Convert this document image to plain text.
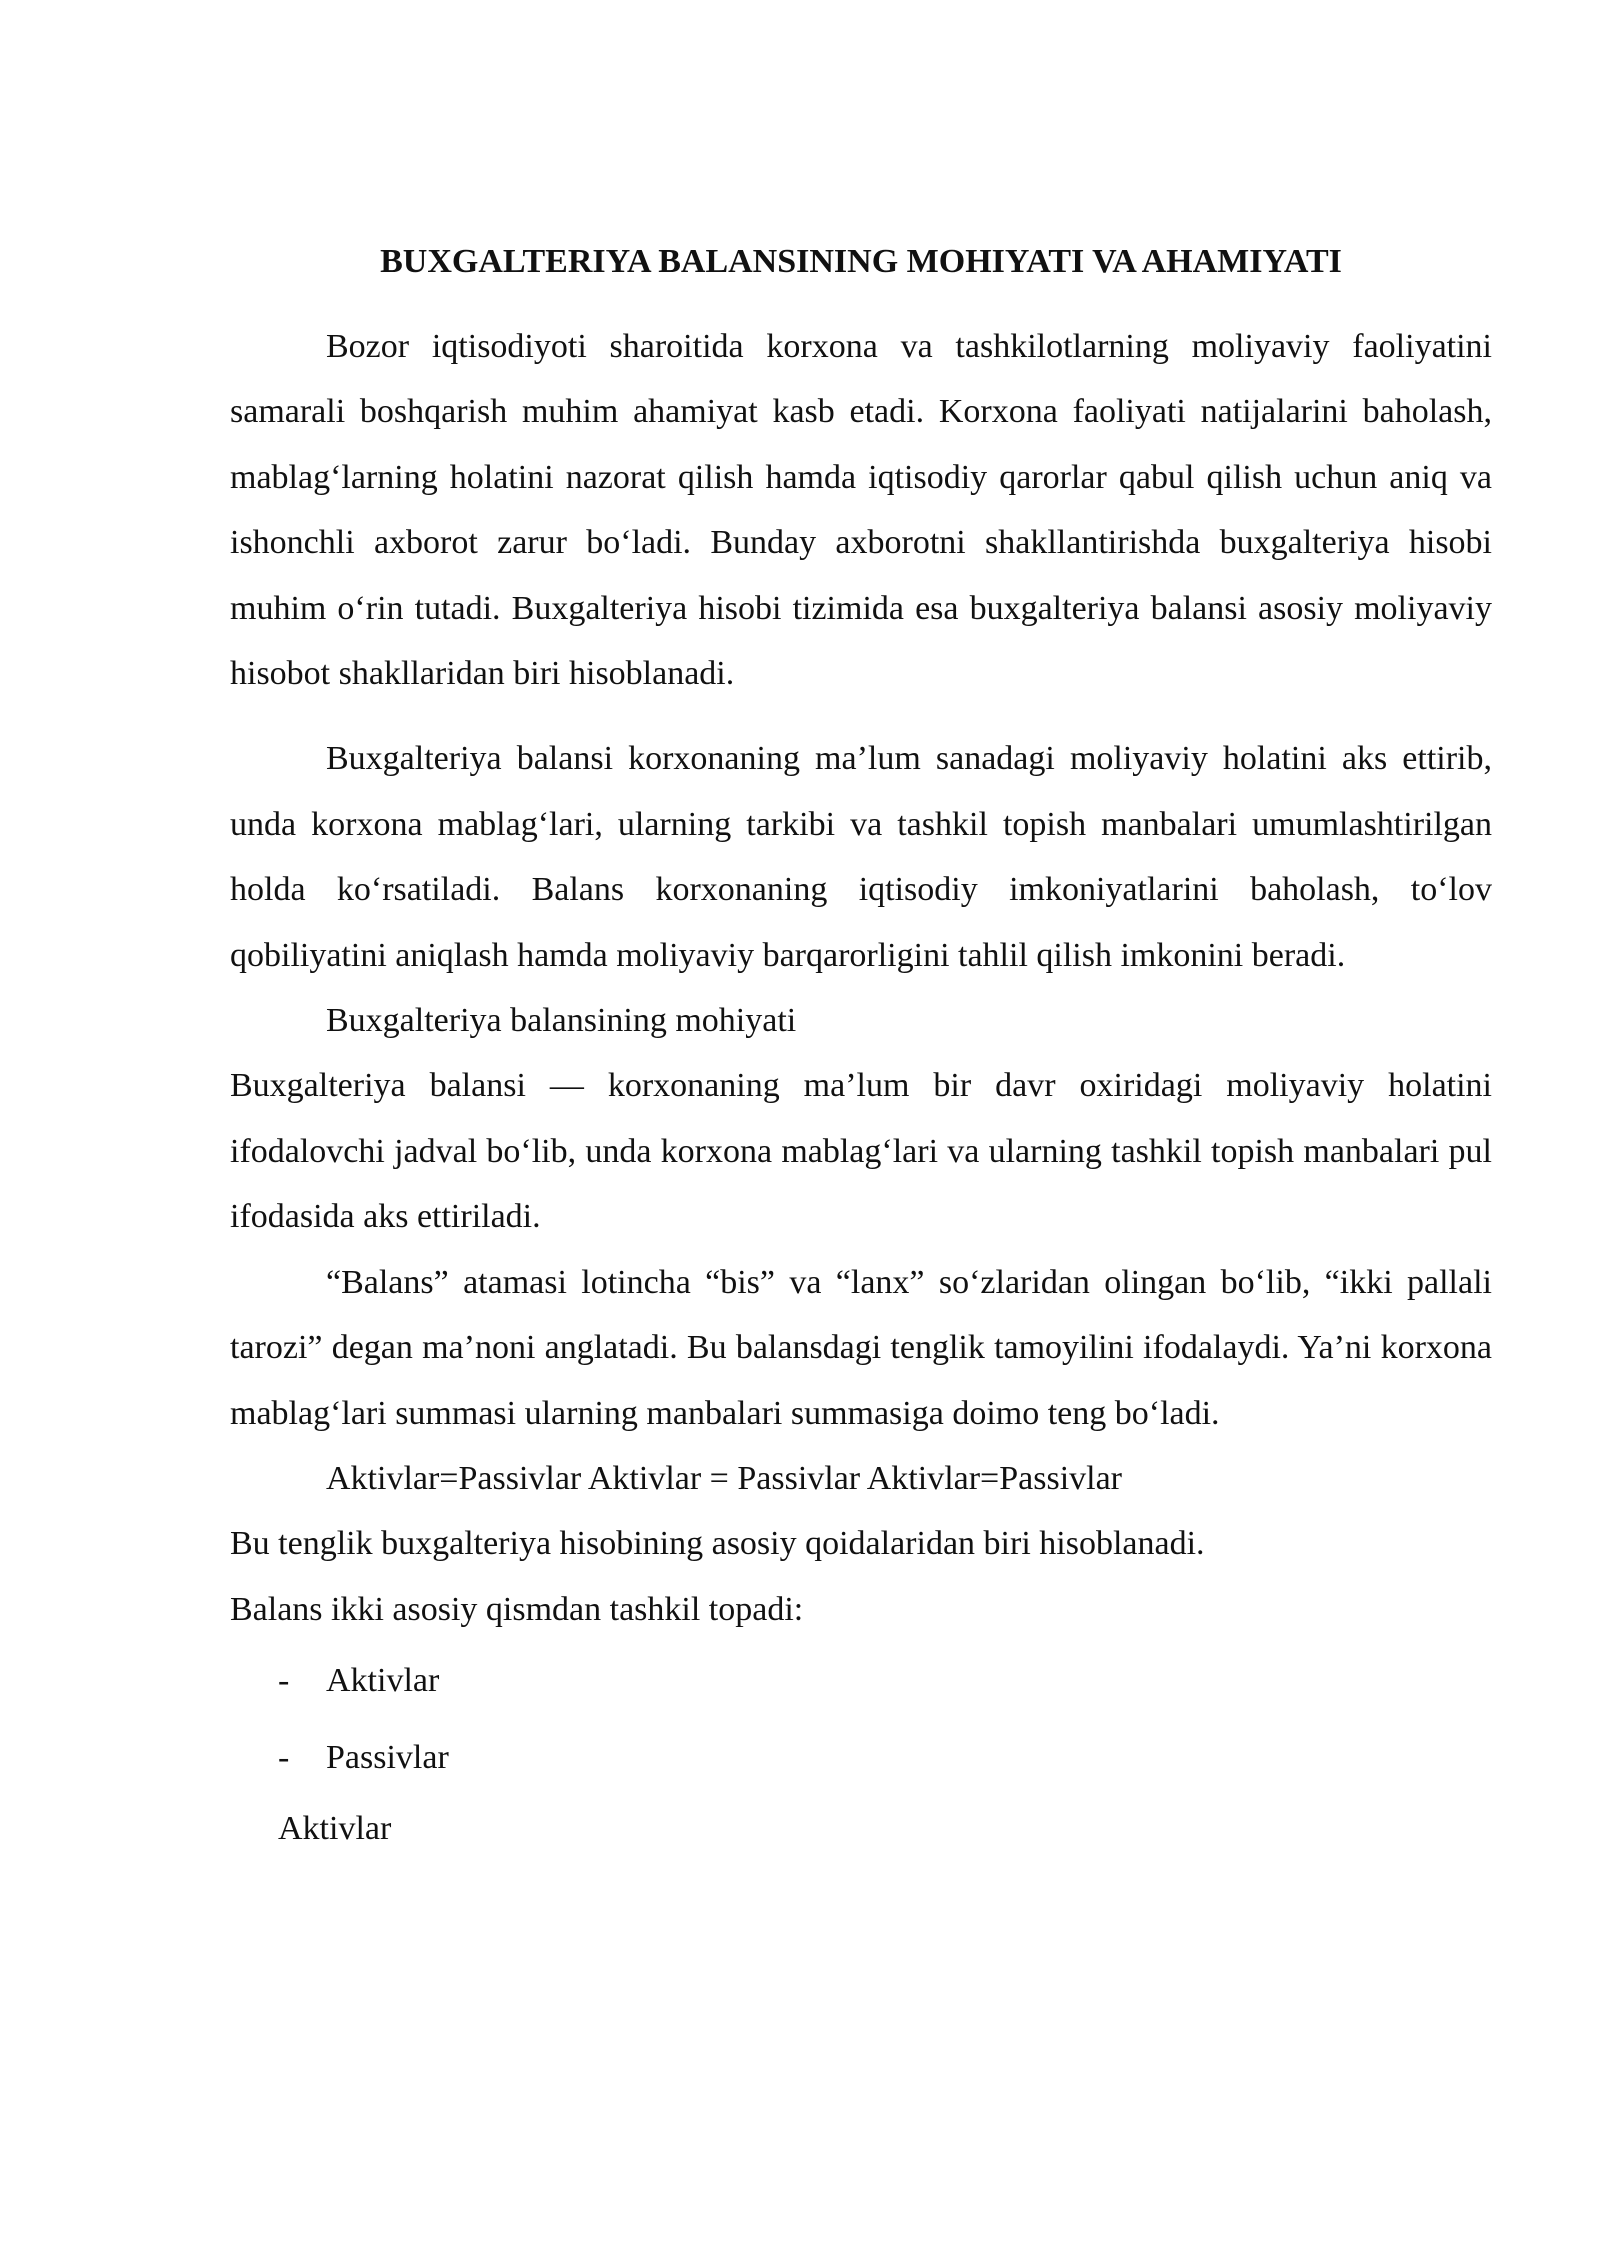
BUXGALTERIYA BALANSINING MOHIYATI VA AHAMIYATI

Bozor iqtisodiyoti sharoitida korxona va tashkilotlarning moliyaviy faoliyatini samarali boshqarish muhim ahamiyat kasb etadi. Korxona faoliyati natijalarini baholash, mablag‘larning holatini nazorat qilish hamda iqtisodiy qarorlar qabul qilish uchun aniq va ishonchli axborot zarur bo‘ladi. Bunday axborotni shakllantirishda buxgalteriya hisobi muhim o‘rin tutadi. Buxgalteriya hisobi tizimida esa buxgalteriya balansi asosiy moliyaviy hisobot shakllaridan biri hisoblanadi.

Buxgalteriya balansi korxonaning ma’lum sanadagi moliyaviy holatini aks ettirib, unda korxona mablag‘lari, ularning tarkibi va tashkil topish manbalari umumlashtirilgan holda ko‘rsatiladi. Balans korxonaning iqtisodiy imkoniyatlarini baholash, to‘lov qobiliyatini aniqlash hamda moliyaviy barqarorligini tahlil qilish imkonini beradi.

Buxgalteriya balansining mohiyati

Buxgalteriya balansi — korxonaning ma’lum bir davr oxiridagi moliyaviy holatini ifodalovchi jadval bo‘lib, unda korxona mablag‘lari va ularning tashkil topish manbalari pul ifodasida aks ettiriladi.

“Balans” atamasi lotincha “bis” va “lanx” so‘zlaridan olingan bo‘lib, “ikki pallali tarozi” degan ma’noni anglatadi. Bu balansdagi tenglik tamoyilini ifodalaydi. Ya’ni korxona mablag‘lari summasi ularning manbalari summasiga doimo teng bo‘ladi.

Aktivlar=Passivlar Aktivlar = Passivlar Aktivlar=Passivlar

Bu tenglik buxgalteriya hisobining asosiy qoidalaridan biri hisoblanadi.

Balans ikki asosiy qismdan tashkil topadi:

- Aktivlar
- Passivlar

Aktivlar
